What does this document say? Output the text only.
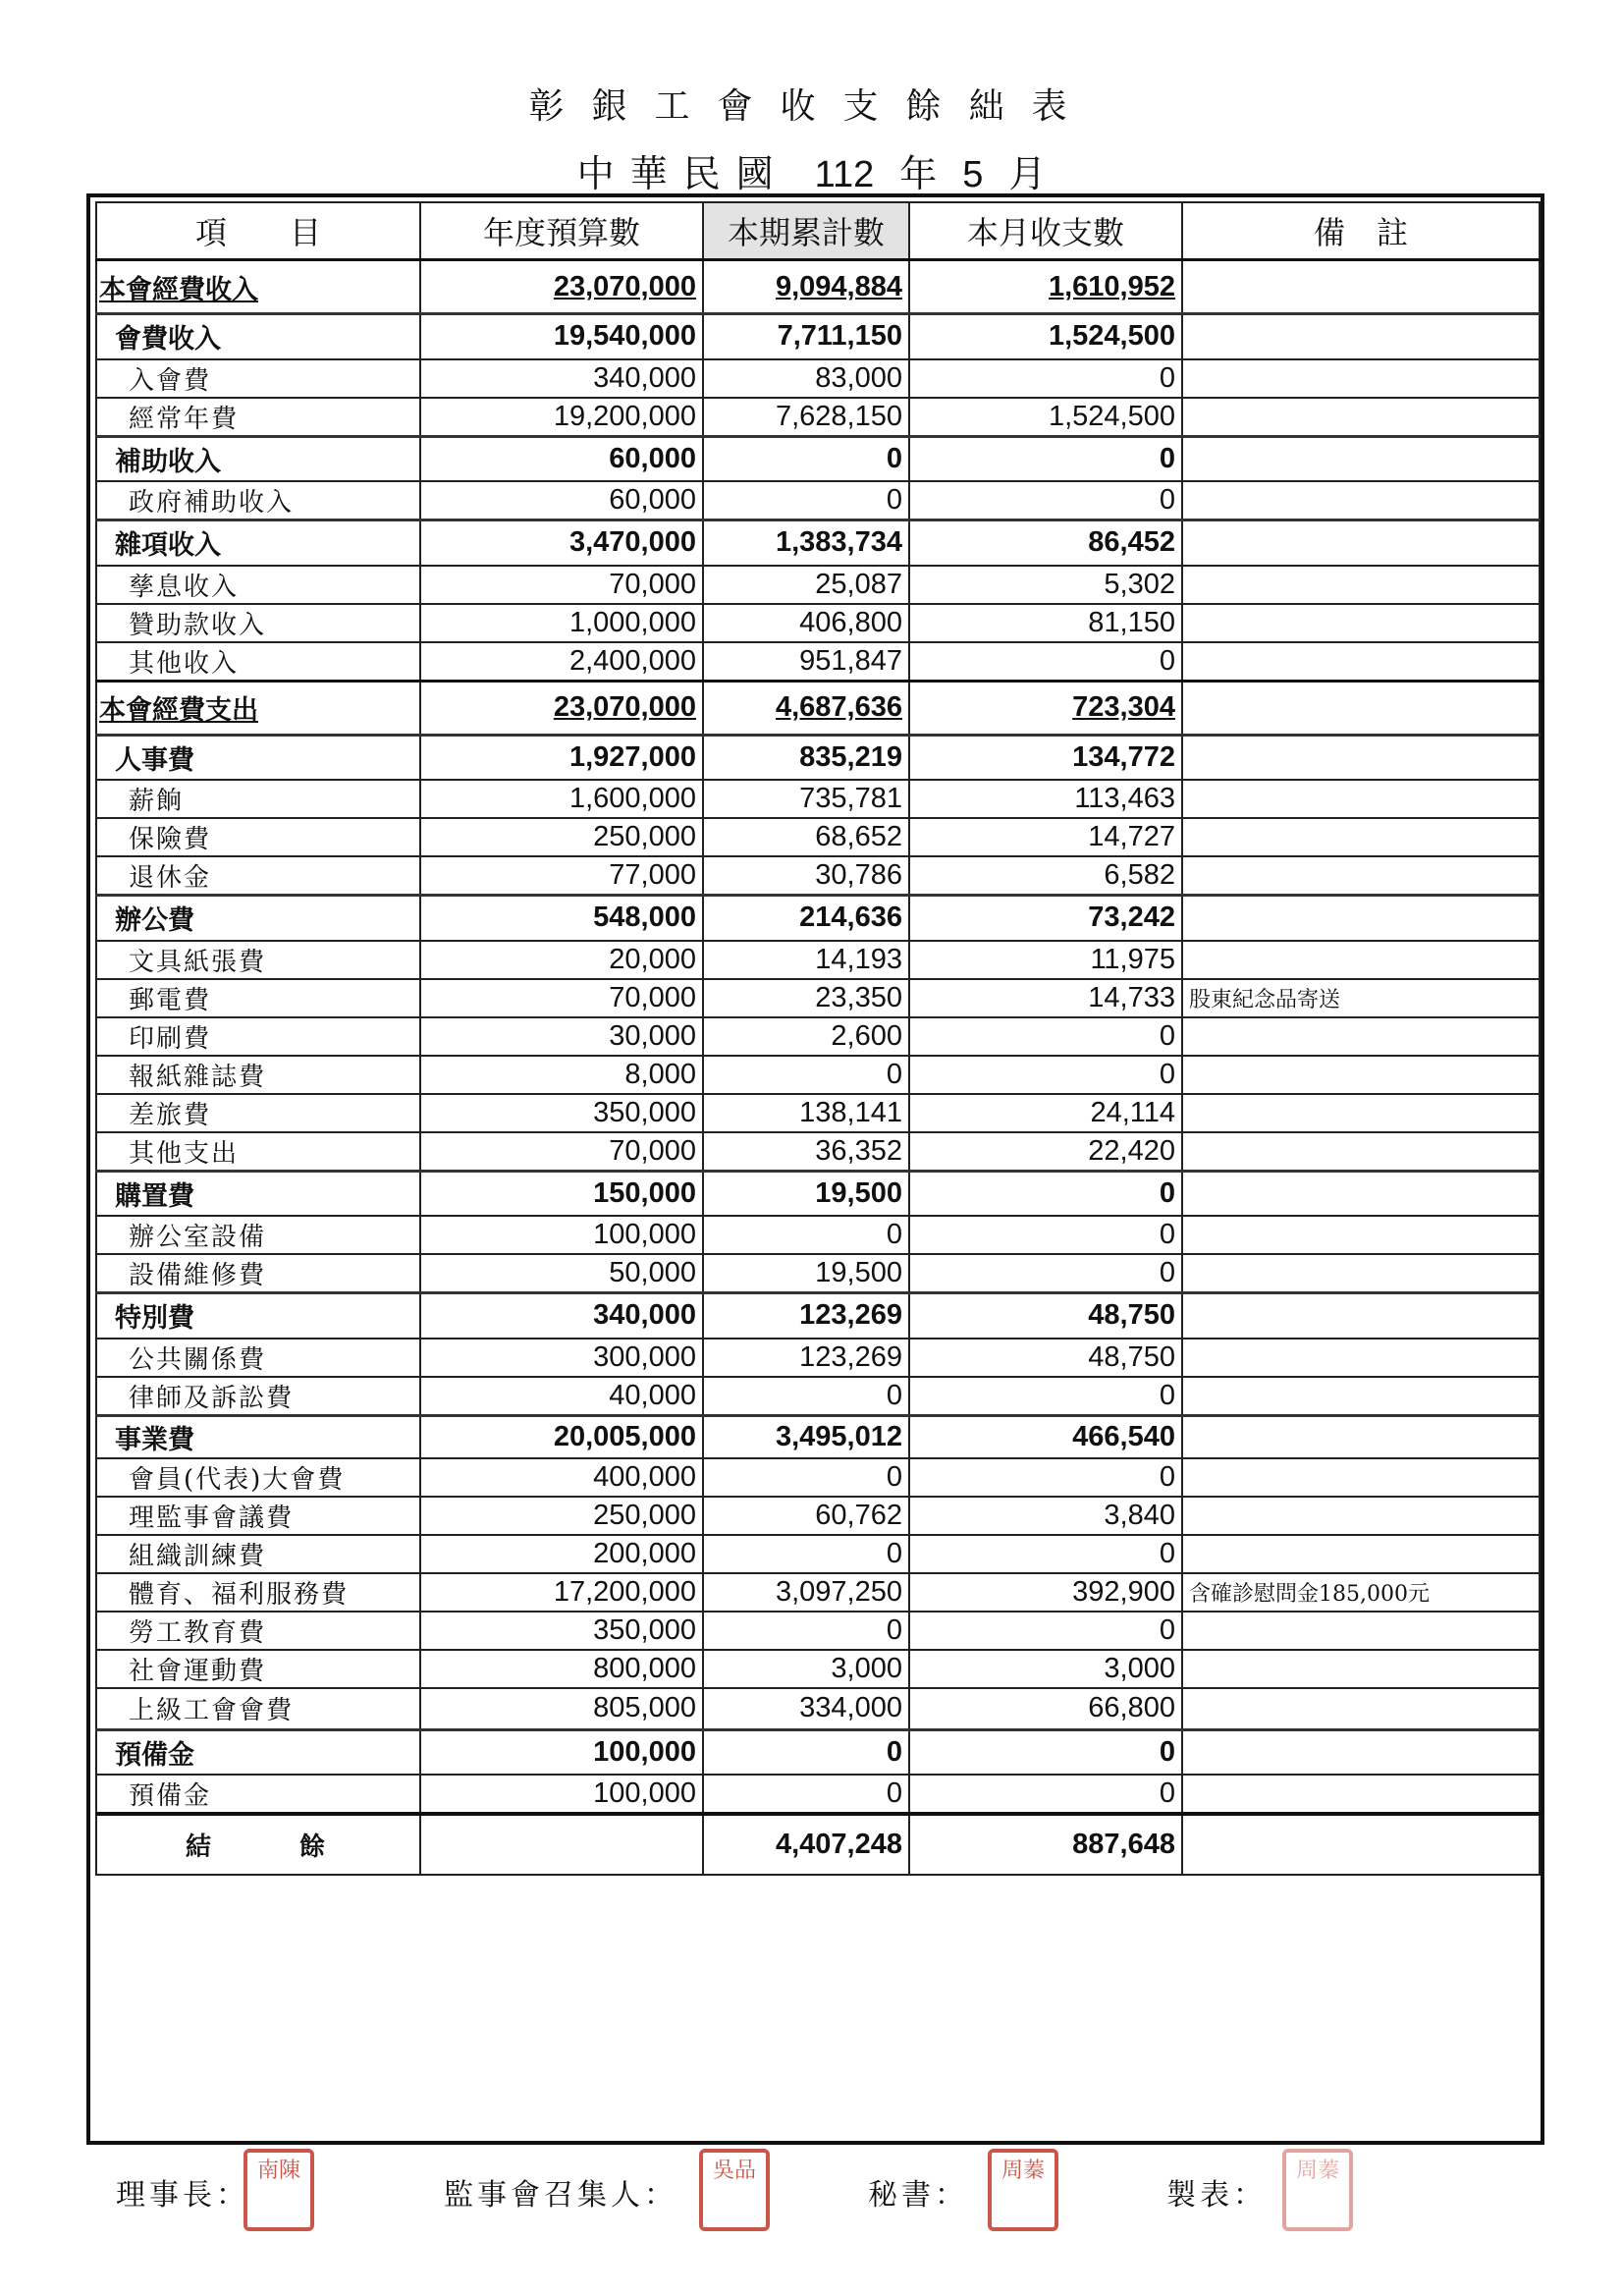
彰銀工會收支餘絀表
中華民國 112 年 5 月
項　　目	年度預算數	本期累計數	本月收支數	備　註
本會經費收入	23,070,000	9,094,884	1,610,952	
會費收入	19,540,000	7,711,150	1,524,500	
入會費	340,000	83,000	0	
經常年費	19,200,000	7,628,150	1,524,500	
補助收入	60,000	0	0	
政府補助收入	60,000	0	0	
雜項收入	3,470,000	1,383,734	86,452	
孳息收入	70,000	25,087	5,302	
贊助款收入	1,000,000	406,800	81,150	
其他收入	2,400,000	951,847	0	
本會經費支出	23,070,000	4,687,636	723,304	
人事費	1,927,000	835,219	134,772	
薪餉	1,600,000	735,781	113,463	
保險費	250,000	68,652	14,727	
退休金	77,000	30,786	6,582	
辦公費	548,000	214,636	73,242	
文具紙張費	20,000	14,193	11,975	
郵電費	70,000	23,350	14,733	股東紀念品寄送
印刷費	30,000	2,600	0	
報紙雜誌費	8,000	0	0	
差旅費	350,000	138,141	24,114	
其他支出	70,000	36,352	22,420	
購置費	150,000	19,500	0	
辦公室設備	100,000	0	0	
設備維修費	50,000	19,500	0	
特別費	340,000	123,269	48,750	
公共關係費	300,000	123,269	48,750	
律師及訴訟費	40,000	0	0	
事業費	20,005,000	3,495,012	466,540	
會員(代表)大會費	400,000	0	0	
理監事會議費	250,000	60,762	3,840	
組織訓練費	200,000	0	0	
體育、福利服務費	17,200,000	3,097,250	392,900	含確診慰問金185,000元
勞工教育費	350,000	0	0	
社會運動費	800,000	3,000	3,000	
上級工會會費	805,000	334,000	66,800	
預備金	100,000	0	0	
預備金	100,000	0	0	
結餘		4,407,248	887,648	
理事長：
南陳
監事會召集人：
吳品
秘書：
周蓁
製表：
周蓁
